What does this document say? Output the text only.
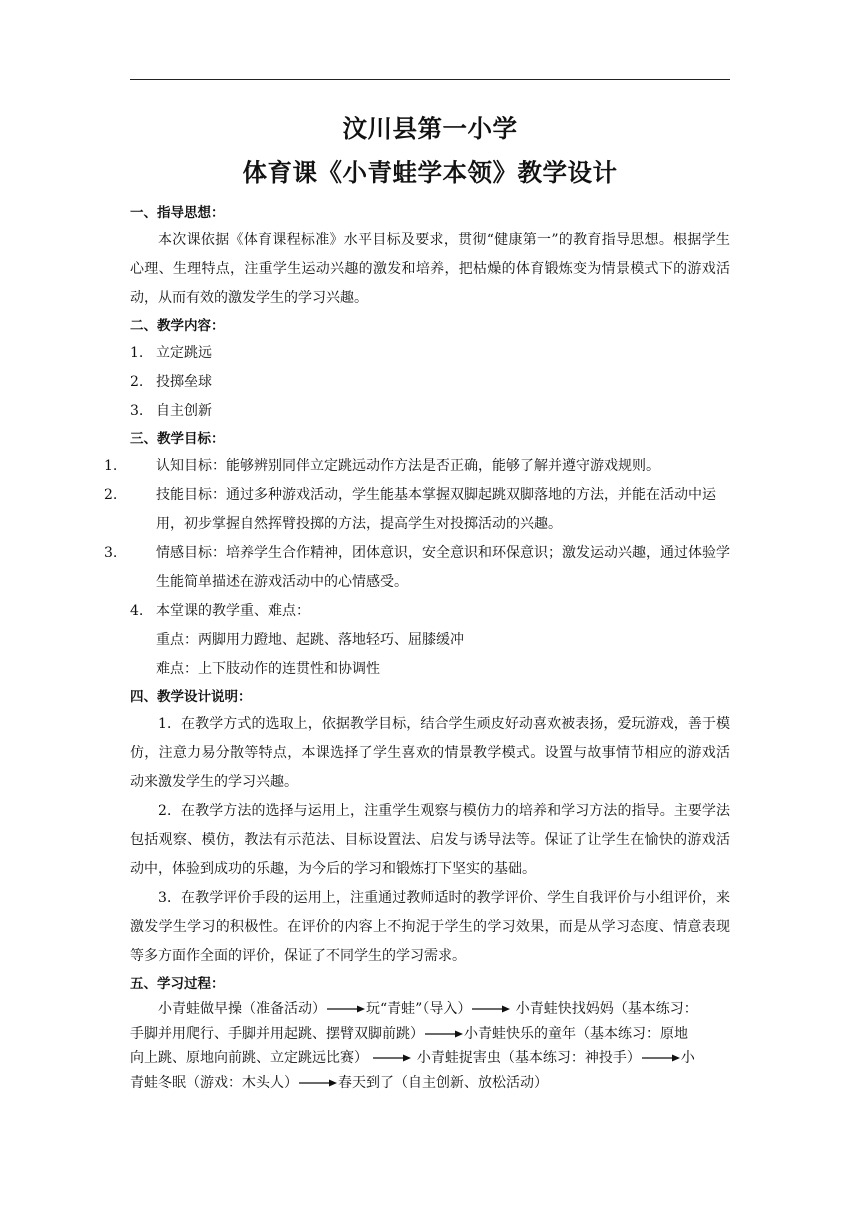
汶川县第一小学
体育课《小青蛙学本领》教学设计
一、指导思想：

本次课依据《体育课程标准》水平目标及要求，贯彻“健康第一”的教育指导思想。根据学生心理、生理特点，注重学生运动兴趣的激发和培养，把枯燥的体育锻炼变为情景模式下的游戏活动，从而有效的激发学生的学习兴趣。

二、教学内容：
1. 立定跳远
2. 投掷垒球
3. 自主创新
三、教学目标：

1.	认知目标：能够辨别同伴立定跳远动作方法是否正确，能够了解并遵守游戏规则。

2.	技能目标：通过多种游戏活动，学生能基本掌握双脚起跳双脚落地的方法，并能在活动中运用，初步掌握自然挥臂投掷的方法，提高学生对投掷活动的兴趣。

3.	情感目标：培养学生合作精神，团体意识，安全意识和环保意识；激发运动兴趣，通过体验学生能简单描述在游戏活动中的心情感受。

4. 本堂课的教学重、难点：
重点：两脚用力蹬地、起跳、落地轻巧、屈膝缓冲
难点：上下肢动作的连贯性和协调性
四、教学设计说明：

1．在教学方式的选取上，依据教学目标，结合学生顽皮好动喜欢被表扬，爱玩游戏，善于模仿，注意力易分散等特点，本课选择了学生喜欢的情景教学模式。设置与故事情节相应的游戏活动来激发学生的学习兴趣。

2．在教学方法的选择与运用上，注重学生观察与模仿力的培养和学习方法的指导。主要学法包括观察、模仿，教法有示范法、目标设置法、启发与诱导法等。保证了让学生在愉快的游戏活动中，体验到成功的乐趣，为今后的学习和锻炼打下坚实的基础。

3．在教学评价手段的运用上，注重通过教师适时的教学评价、学生自我评价与小组评价，来激发学生学习的积极性。在评价的内容上不拘泥于学生的学习效果，而是从学习态度、情意表现等多方面作全面的评价，保证了不同学生的学习需求。

五、学习过程：

小青蛙做早操（准备活动）	玩“青蛙”（导入）	小青蛙快找妈妈（基本练习：

手脚并用爬行、手脚并用起跳、摆臂双脚前跳）	小青蛙快乐的童年（基本练习：原地

向上跳、原地向前跳、立定跳远比赛）	小青蛙捉害虫（基本练习：神投手）	小

青蛙冬眠（游戏：木头人）	春天到了（自主创新、放松活动）
